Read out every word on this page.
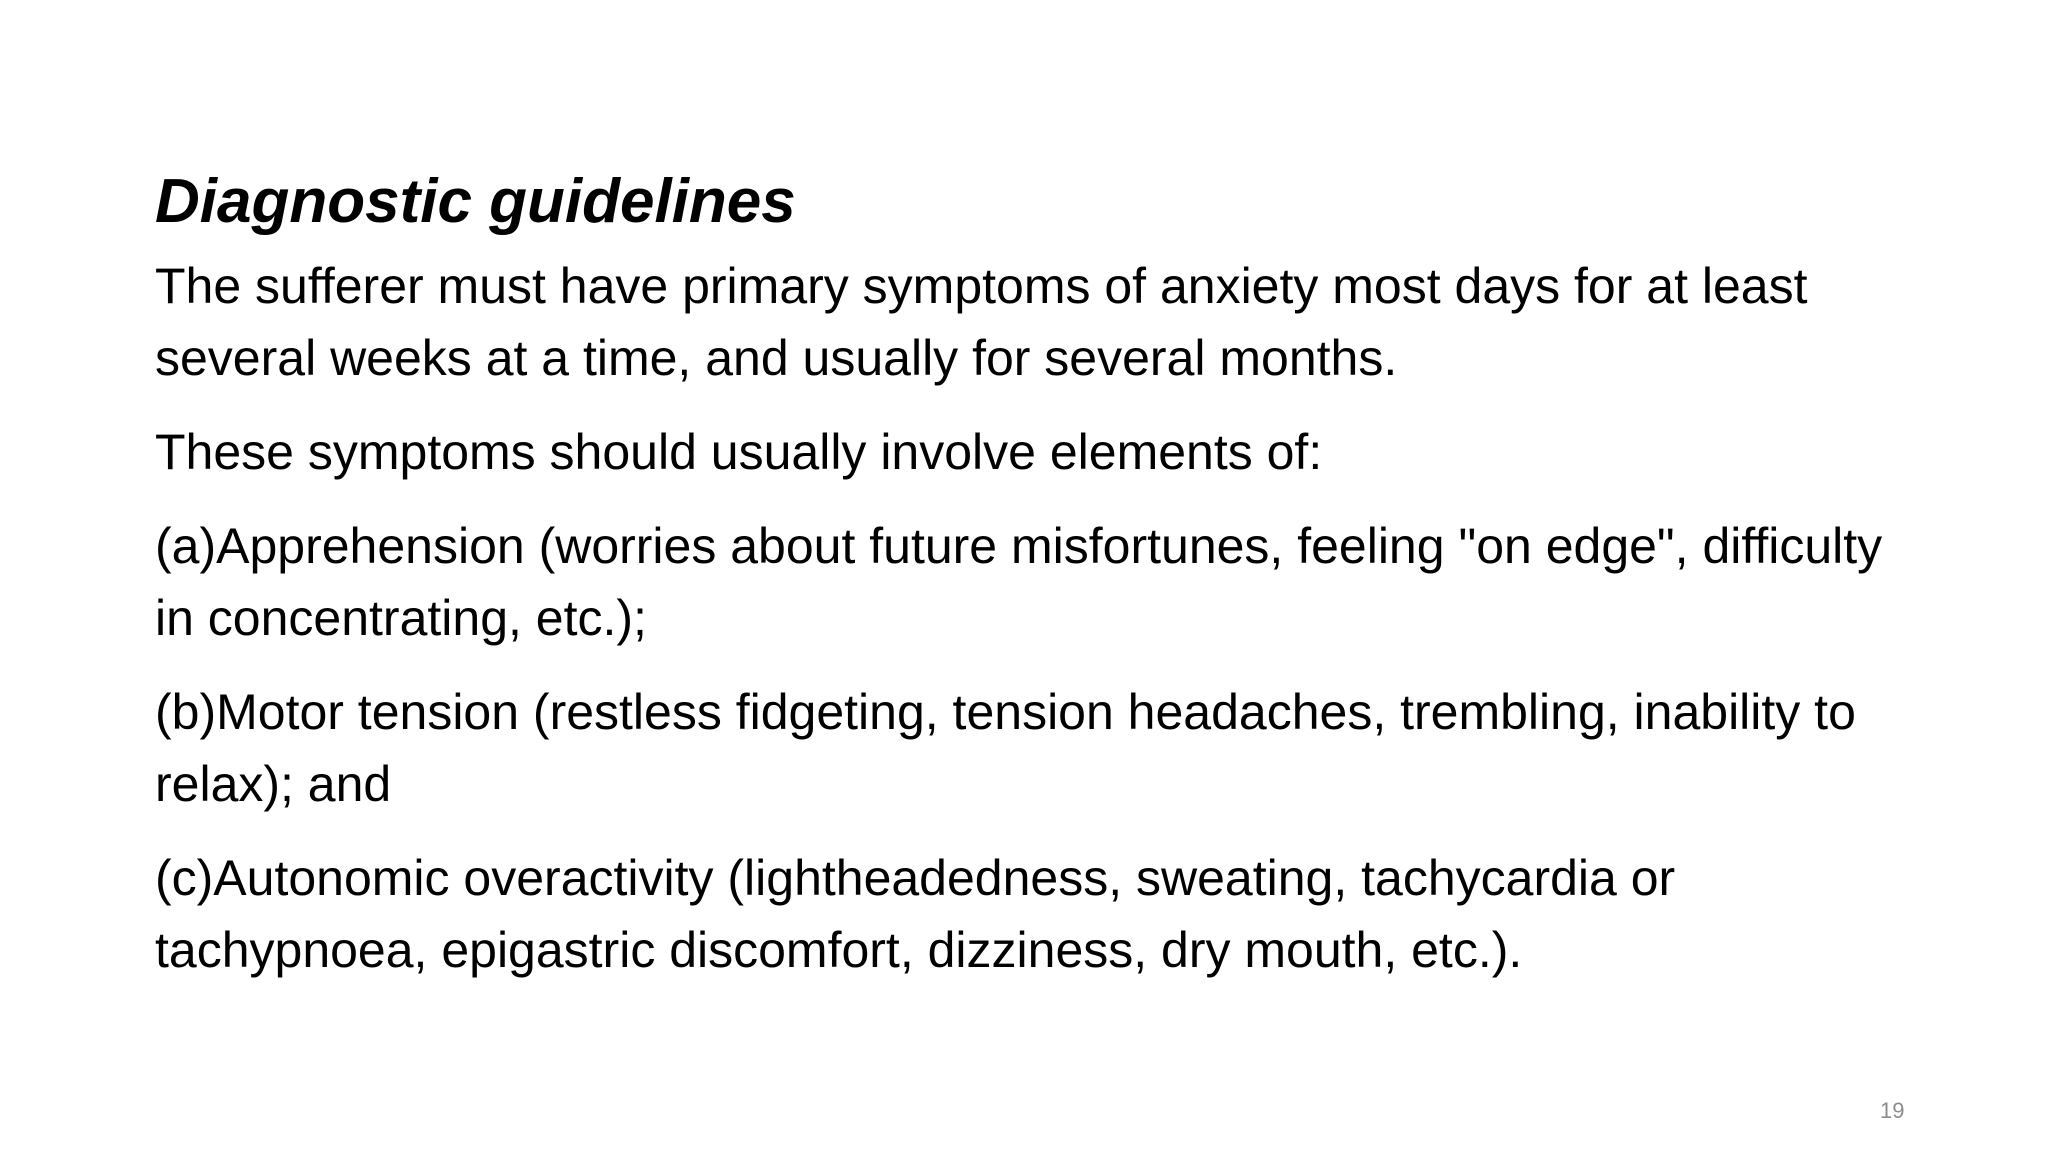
Diagnostic guidelines

The sufferer must have primary symptoms of anxiety most days for at least several weeks at a time, and usually for several months.

These symptoms should usually involve elements of:

(a)Apprehension (worries about future misfortunes, feeling "on edge", difficulty in concentrating, etc.);

(b)Motor tension (restless fidgeting, tension headaches, trembling, inability to relax); and

(c)Autonomic overactivity (lightheadedness, sweating, tachycardia or tachypnoea, epigastric discomfort, dizziness, dry mouth, etc.).

19
